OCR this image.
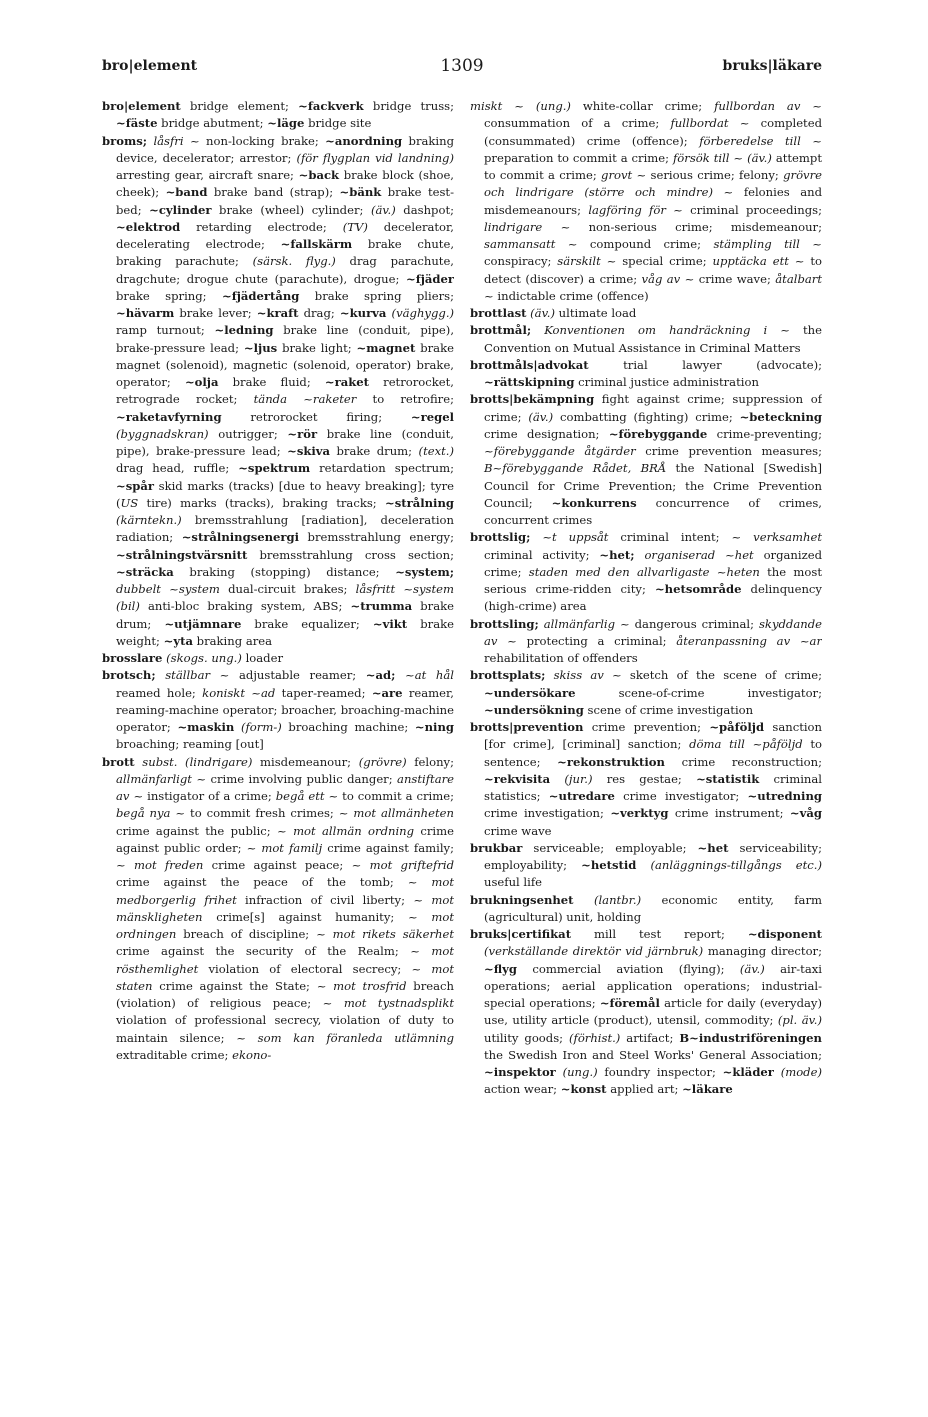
bro|element	1309	bruks|läkare

bro|element bridge element; ~fackverk bridge truss; ~fäste bridge abutment; ~läge bridge site

broms; låsfri ~ non-locking brake; ~anordning braking device, decelerator; arrestor; (för flygplan vid landning) arresting gear, aircraft snare; ~back brake block (shoe, cheek); ~band brake band (strap); ~bänk brake test-bed; ~cylinder brake (wheel) cylinder; (äv.) dashpot; ~elektrod retarding electrode; (TV) decelerator, decelerating electrode; ~fallskärm brake chute, braking parachute; (särsk. flyg.) drag parachute, dragchute; drogue chute (parachute), drogue; ~fjäder brake spring; ~fjädertång brake spring pliers; ~hävarm brake lever; ~kraft drag; ~kurva (väghygg.) ramp turnout; ~ledning brake line (conduit, pipe), brake-pressure lead; ~ljus brake light; ~magnet brake magnet (solenoid), magnetic (solenoid, operator) brake, operator; ~olja brake fluid; ~raket retrorocket, retrograde rocket; tända ~raketer to retrofire; ~raketavfyrning retrorocket firing; ~regel (byggnadskran) outrigger; ~rör brake line (conduit, pipe), brake-pressure lead; ~skiva brake drum; (text.) drag head, ruffle; ~spektrum retardation spectrum; ~spår skid marks (tracks) [due to heavy breaking]; tyre (US tire) marks (tracks), braking tracks; ~strålning (kärntekn.) bremsstrahlung [radiation], deceleration radiation; ~strålningsenergi bremsstrahlung energy; ~strålningstvärsnitt bremsstrahlung cross section; ~sträcka braking (stopping) distance; ~system; dubbelt ~system dual-circuit brakes; låsfritt ~system (bil) anti-bloc braking system, ABS; ~trumma brake drum; ~utjämnare brake equalizer; ~vikt brake weight; ~yta braking area

brosslare (skogs. ung.) loader

brotsch; ställbar ~ adjustable reamer; ~ad; ~at hål reamed hole; koniskt ~ad taper-reamed; ~are reamer, reaming-machine operator; broacher, broaching-machine operator; ~maskin (form-) broaching machine; ~ning broaching; reaming [out]

brott subst. (lindrigare) misdemeanour; (grövre) felony; allmänfarligt ~ crime involving public danger; anstiftare av ~ instigator of a crime; begå ett ~ to commit a crime; begå nya ~ to commit fresh crimes; ~ mot allmänheten crime against the public; ~ mot allmän ordning crime against public order; ~ mot familj crime against family; ~ mot freden crime against peace; ~ mot griftefrid crime against the peace of the tomb; ~ mot medborgerlig frihet infraction of civil liberty; ~ mot mänskligheten crime[s] against humanity; ~ mot ordningen breach of discipline; ~ mot rikets säkerhet crime against the security of the Realm; ~ mot rösthemlighet violation of electoral secrecy; ~ mot staten crime against the State; ~ mot trosfrid breach (violation) of religious peace; ~ mot tystnadsplikt violation of professional secrecy, violation of duty to maintain silence; ~ som kan föranleda utlämning extraditable crime; ekono-

miskt ~ (ung.) white-collar crime; fullbordan av ~ consummation of a crime; fullbordat ~ completed (consummated) crime (offence); förberedelse till ~ preparation to commit a crime; försök till ~ (äv.) attempt to commit a crime; grovt ~ serious crime; felony; grövre och lindrigare (större och mindre) ~ felonies and misdemeanours; lagföring för ~ criminal proceedings; lindrigare ~ non-serious crime; misdemeanour; sammansatt ~ compound crime; stämpling till ~ conspiracy; särskilt ~ special crime; upptäcka ett ~ to detect (discover) a crime; våg av ~ crime wave; åtalbart ~ indictable crime (offence)

brottlast (äv.) ultimate load

brottmål; Konventionen om handräckning i ~ the Convention on Mutual Assistance in Criminal Matters

brottmåls|advokat trial lawyer (advocate); ~rättskipning criminal justice administration

brotts|bekämpning fight against crime; suppression of crime; (äv.) combatting (fighting) crime; ~beteckning crime designation; ~förebyggande crime-preventing; ~förebyggande åtgärder crime prevention measures; B~förebyggande Rådet, BRÅ the National [Swedish] Council for Crime Prevention; the Crime Prevention Council; ~konkurrens concurrence of crimes, concurrent crimes

brottslig; ~t uppsåt criminal intent; ~ verksamhet criminal activity; ~het; organiserad ~het organized crime; staden med den allvarligaste ~heten the most serious crime-ridden city; ~hetsområde delinquency (high-crime) area

brottsling; allmänfarlig ~ dangerous criminal; skyddande av ~ protecting a criminal; återanpassning av ~ar rehabilitation of offenders

brottsplats; skiss av ~ sketch of the scene of crime; ~undersökare scene-of-crime investigator; ~undersökning scene of crime investigation

brotts|prevention crime prevention; ~påföljd sanction [for crime], [criminal] sanction; döma till ~påföljd to sentence; ~rekonstruktion crime reconstruction; ~rekvisita (jur.) res gestae; ~statistik criminal statistics; ~utredare crime investigator; ~utredning crime investigation; ~verktyg crime instrument; ~våg crime wave

brukbar serviceable; employable; ~het serviceability; employability; ~hetstid (anläggnings-tillgångs etc.) useful life

brukningsenhet (lantbr.) economic entity, farm (agricultural) unit, holding

bruks|certifikat mill test report; ~disponent (verkställande direktör vid järnbruk) managing director; ~flyg commercial aviation (flying); (äv.) air-taxi operations; aerial application operations; industrial-special operations; ~föremål article for daily (everyday) use, utility article (product), utensil, commodity; (pl. äv.) utility goods; (förhist.) artifact; B~industriföreningen the Swedish Iron and Steel Works' General Association; ~inspektor (ung.) foundry inspector; ~kläder (mode) action wear; ~konst applied art; ~läkare
